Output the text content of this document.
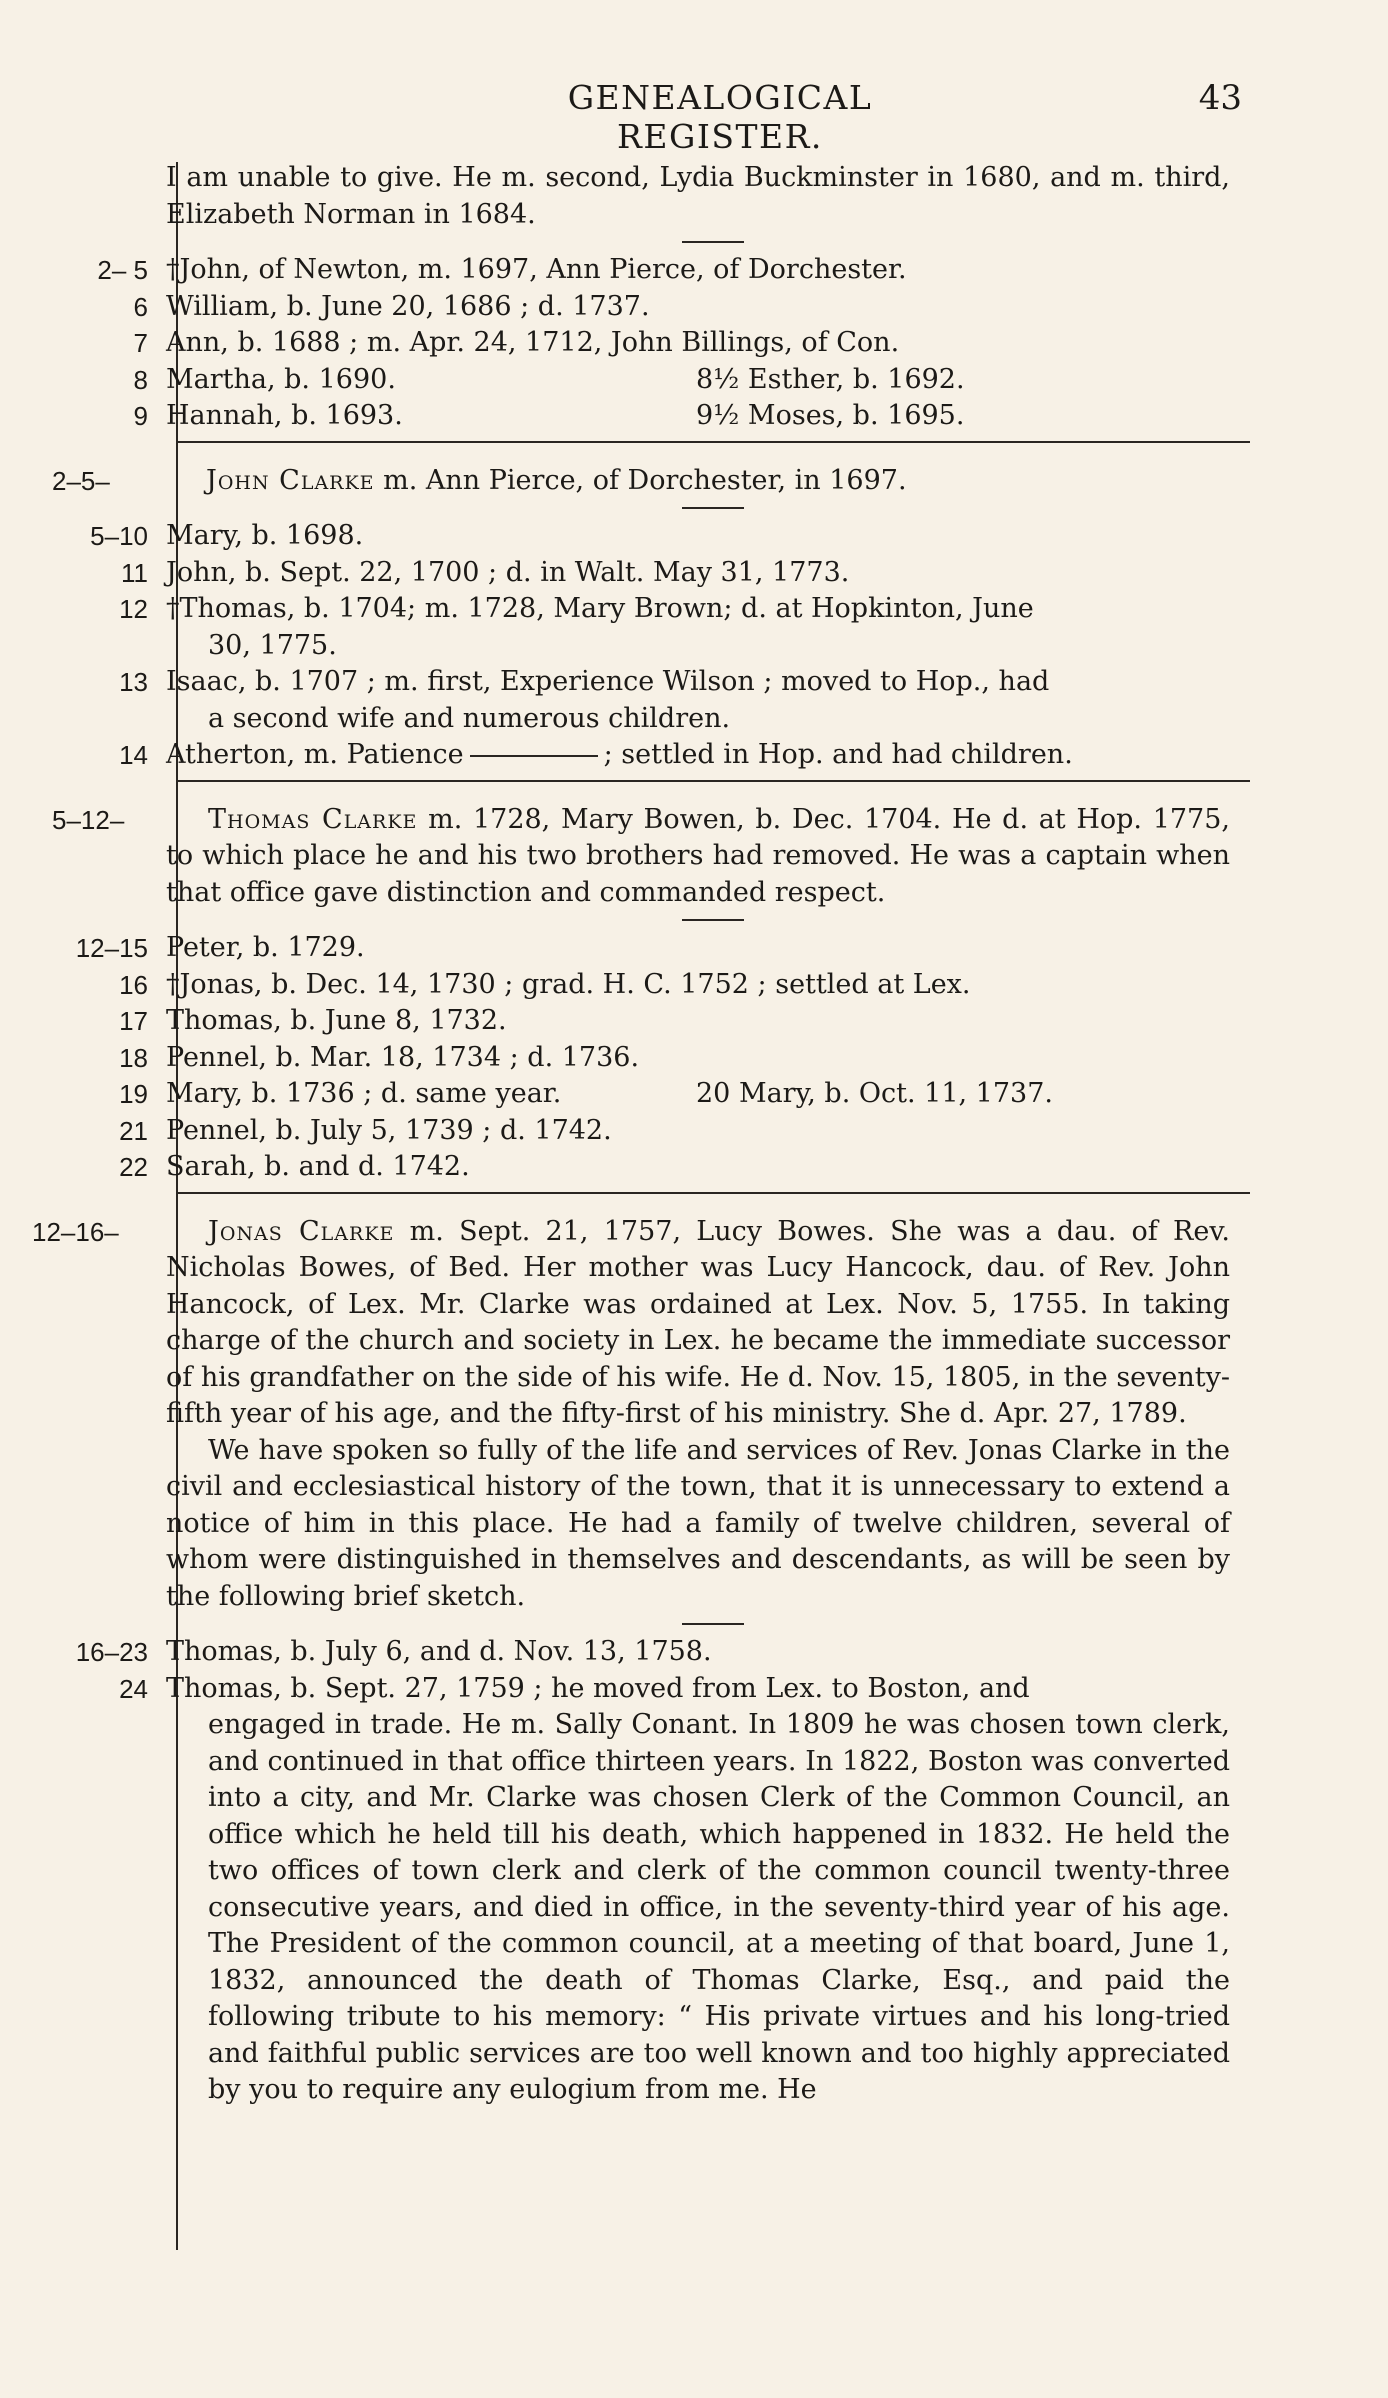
GENEALOGICAL REGISTER.
43
I am unable to give. He m. second, Lydia Buckminster in 1680, and m. third, Elizabeth Norman in 1684.
2– 5 †John, of Newton, m. 1697, Ann Pierce, of Dorchester.
6 William, b. June 20, 1686 ; d. 1737.
7 Ann, b. 1688 ; m. Apr. 24, 1712, John Billings, of Con.
8 Martha, b. 1690.	8½ Esther, b. 1692.
9 Hannah, b. 1693.	9½ Moses, b. 1695.
2–5–	John Clarke m. Ann Pierce, of Dorchester, in 1697.
5–10 Mary, b. 1698.
11 John, b. Sept. 22, 1700 ; d. in Walt. May 31, 1773.
12 †Thomas, b. 1704; m. 1728, Mary Brown; d. at Hopkinton, June
30, 1775.
13 Isaac, b. 1707 ; m. first, Experience Wilson ; moved to Hop., had
a second wife and numerous children.
14 Atherton, m. Patience	; settled in Hop. and had children.
5–12–	Thomas Clarke m. 1728, Mary Bowen, b. Dec. 1704. He d. at Hop. 1775, to which place he and his two brothers had removed. He was a captain when that office gave distinction and commanded respect.
12–15 Peter, b. 1729.
16 †Jonas, b. Dec. 14, 1730 ; grad. H. C. 1752 ; settled at Lex.
17 Thomas, b. June 8, 1732.
18 Pennel, b. Mar. 18, 1734 ; d. 1736.
19 Mary, b. 1736 ; d. same year.	20 Mary, b. Oct. 11, 1737.
21 Pennel, b. July 5, 1739 ; d. 1742.
22 Sarah, b. and d. 1742.
12–16–	Jonas Clarke m. Sept. 21, 1757, Lucy Bowes. She was a dau. of Rev. Nicholas Bowes, of Bed. Her mother was Lucy Hancock, dau. of Rev. John Hancock, of Lex. Mr. Clarke was ordained at Lex. Nov. 5, 1755. In taking charge of the church and society in Lex. he became the immediate successor of his grandfather on the side of his wife. He d. Nov. 15, 1805, in the seventy-fifth year of his age, and the fifty-first of his ministry. She d. Apr. 27, 1789.
We have spoken so fully of the life and services of Rev. Jonas Clarke in the civil and ecclesiastical history of the town, that it is unnecessary to extend a notice of him in this place. He had a family of twelve children, several of whom were distinguished in themselves and descendants, as will be seen by the following brief sketch.
16–23 Thomas, b. July 6, and d. Nov. 13, 1758.
24 Thomas, b. Sept. 27, 1759 ; he moved from Lex. to Boston, and
engaged in trade. He m. Sally Conant. In 1809 he was chosen town clerk, and continued in that office thirteen years. In 1822, Boston was converted into a city, and Mr. Clarke was chosen Clerk of the Common Council, an office which he held till his death, which happened in 1832. He held the two offices of town clerk and clerk of the common council twenty-three consecutive years, and died in office, in the seventy-third year of his age. The President of the common council, at a meeting of that board, June 1, 1832, announced the death of Thomas Clarke, Esq., and paid the following tribute to his memory: “ His private virtues and his long-tried and faithful public services are too well known and too highly appreciated by you to require any eulogium from me. He
